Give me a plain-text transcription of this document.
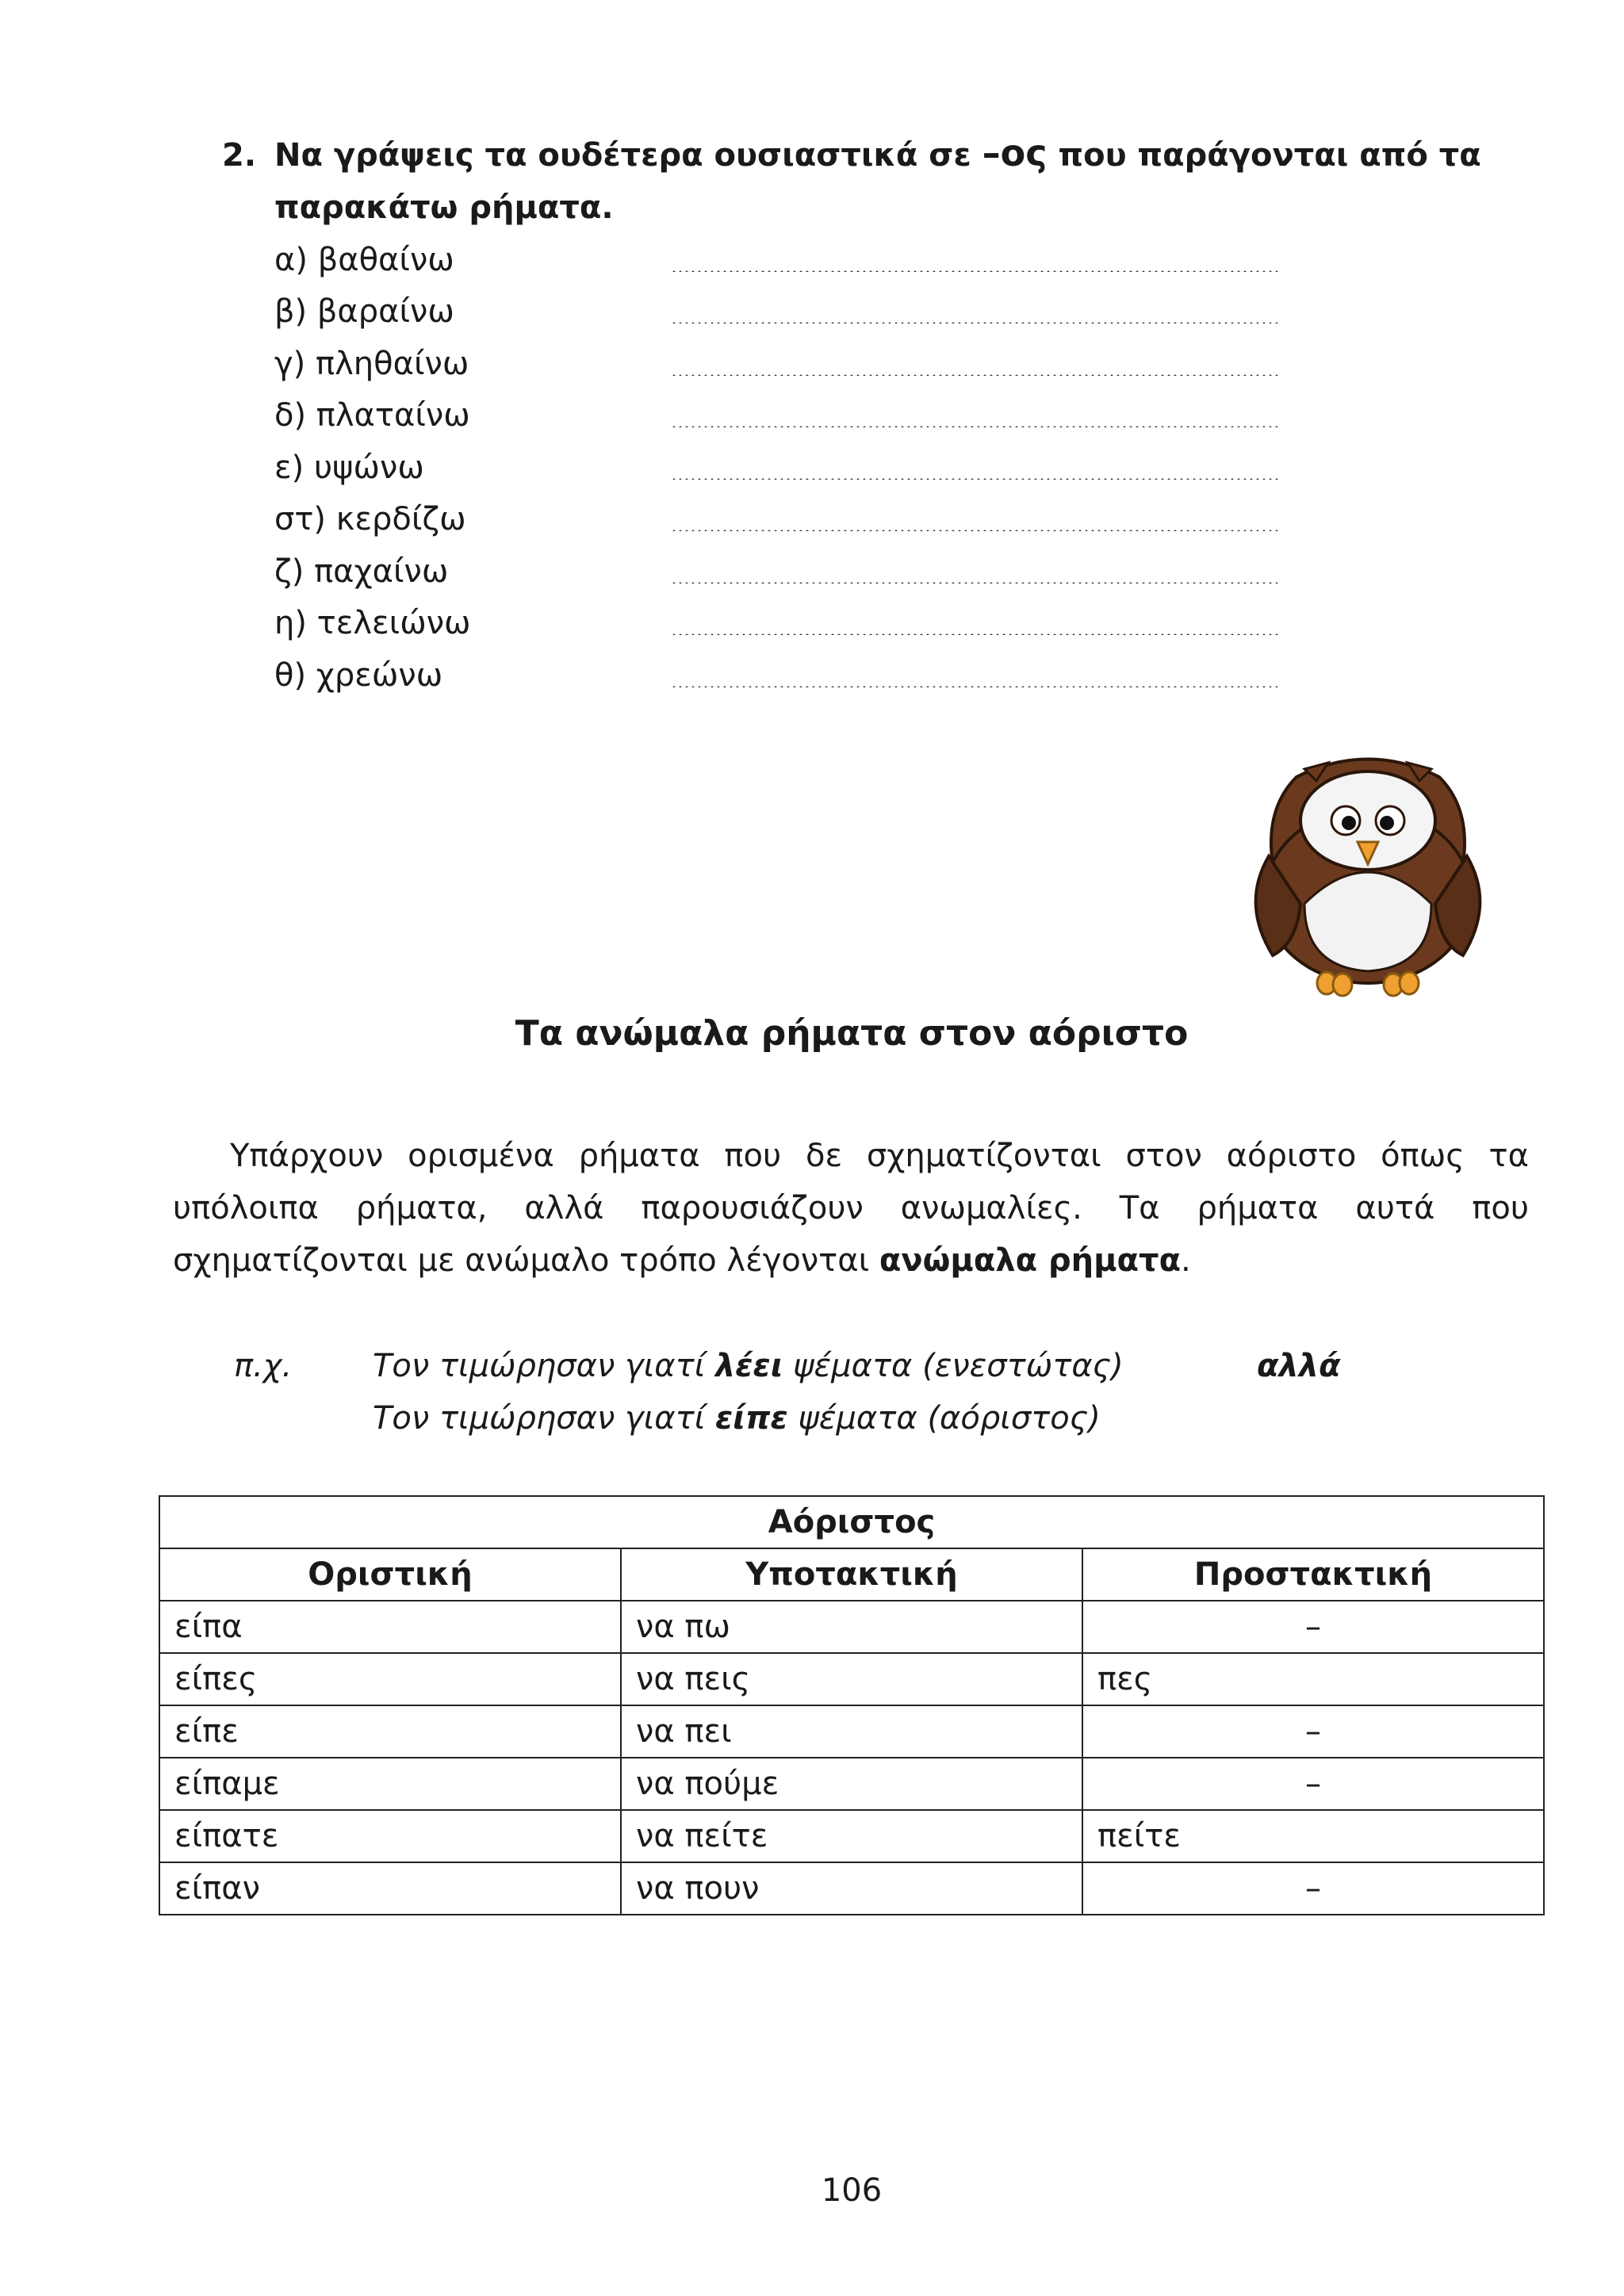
2. Να γράψεις τα ουδέτερα ουσιαστικά σε –ος που παράγονται από τα
παρακάτω ρήματα.
α) βαθαίνω
β) βαραίνω
γ) πληθαίνω
δ) πλαταίνω
ε) υψώνω
στ) κερδίζω
ζ) παχαίνω
η) τελειώνω
θ) χρεώνω
Τα ανώμαλα ρήματα στον αόριστο
Υπάρχουν ορισμένα ρήματα που δε σχηματίζονται στον αόριστο όπως τα υπόλοιπα ρήματα, αλλά παρουσιάζουν ανωμαλίες. Τα ρήματα αυτά που σχηματίζονται με ανώμαλο τρόπο λέγονται ανώμαλα ρήματα.
π.χ.	Τον τιμώρησαν γιατί λέει ψέματα (ενεστώτας)	αλλά
Τον τιμώρησαν γιατί είπε ψέματα (αόριστος)
Αόριστος		
Οριστική	Υποτακτική	Προστακτική
είπα	να πω	–
είπες	να πεις	πες
είπε	να πει	–
είπαμε	να πούμε	–
είπατε	να πείτε	πείτε
είπαν	να πουν	–
106
